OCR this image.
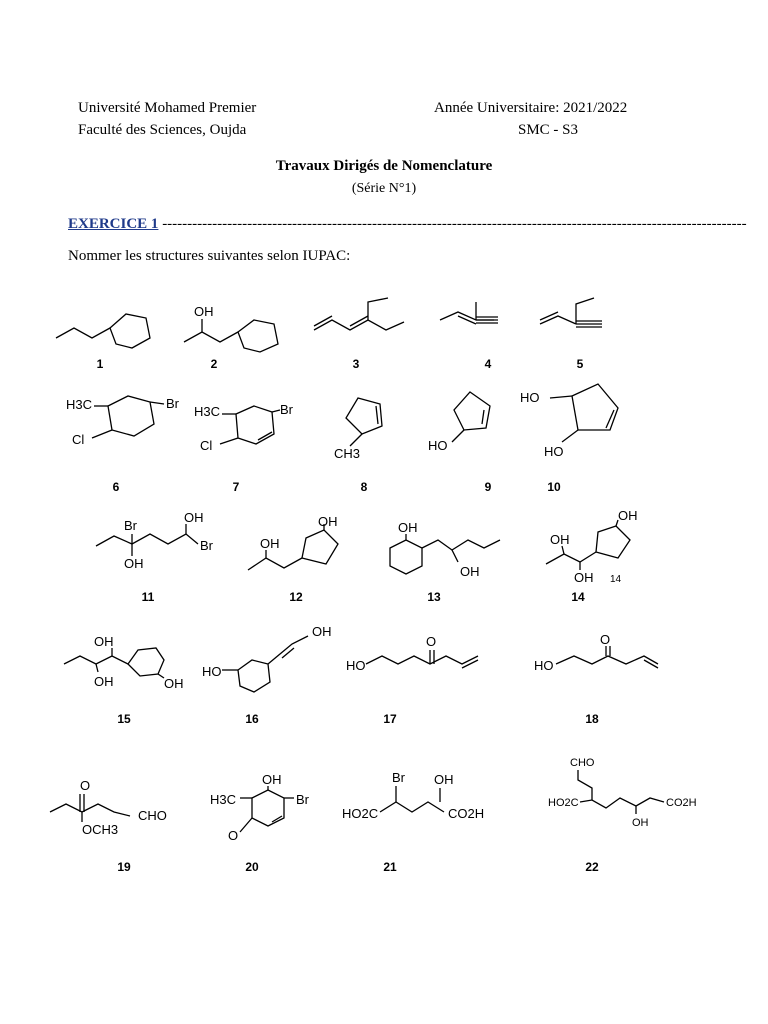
Université Mohamed Premier
Faculté des Sciences, Oujda
Année Universitaire: 2021/2022
SMC - S3
Travaux Dirigés de Nomenclature
(Série N°1)
EXERCICE 1 ---------------------------------------------------------------------------------------------------------------------
Nommer les structures suivantes selon IUPAC:
1
OH
2	3	4	5
H3C	Br
Cl
6
H3C	Br
Cl
7
CH3
8
HO
9
HO
HO
10
Br
OH
Br
OH
11
OH
OH
12
OH
OH
13
OH
OH
OH 14
14
OH
OH	OH
15
OH
HO
16
HO
O
17
O
HO
18
O
OCH3
CHO
19
OH
H3C	Br
O
20
Br OH
HO2C	CO2H
21
CHO
HO2C	CO2H
OH
22
